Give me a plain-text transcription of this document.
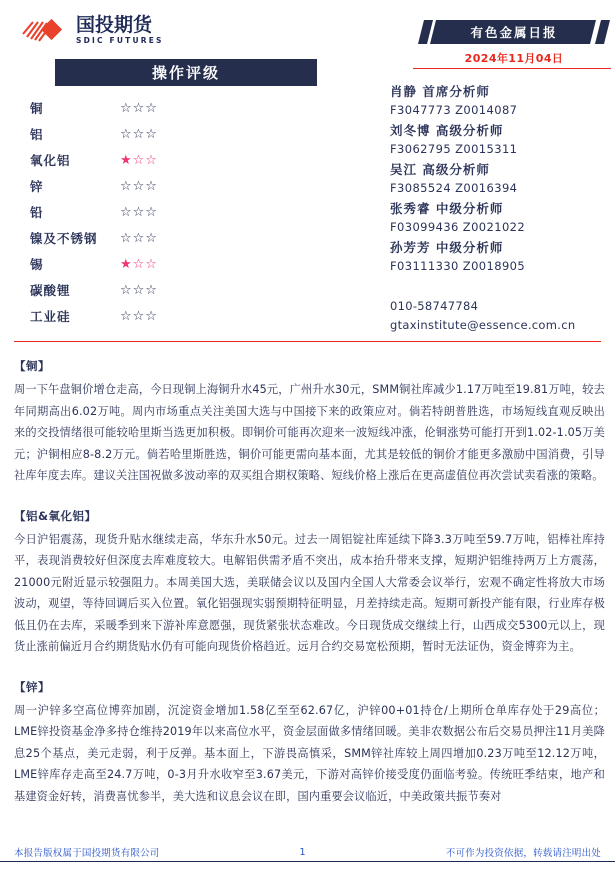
国投期货
SDIC FUTURES
操作评级
铜	☆☆☆
铝	☆☆☆
氧化铝	★☆☆
锌	☆☆☆
铅	☆☆☆
镍及不锈钢	☆☆☆
锡	★☆☆
碳酸锂	☆☆☆
工业硅	☆☆☆
有色金属日报
2024年11月04日
肖静 首席分析师
F3047773 Z0014087
刘冬博 高级分析师
F3062795 Z0015311
吴江 高级分析师
F3085524 Z0016394
张秀睿 中级分析师
F03099436 Z0021022
孙芳芳 中级分析师
F03111330 Z0018905
010-58747784
gtaxinstitute@essence.com.cn
【铜】
周一下午盘铜价增仓走高，今日现铜上海铜升水45元，广州升水30元，SMM铜社库减少1.17万吨至19.81万吨，较去年同期高出6.02万吨。周内市场重点关注美国大选与中国接下来的政策应对。倘若特朗普胜选，市场短线直观反映出来的交投情绪很可能较哈里斯当选更加积极。即铜价可能再次迎来一波短线冲涨，伦铜涨势可能打开到1.02-1.05万美元；沪铜相应8-8.2万元。倘若哈里斯胜选，铜价可能更需向基本面，尤其是较低的铜价才能更多激励中国消费，引导社库年度去库。建议关注国祝做多波动率的双买组合期权策略、短线价格上涨后在更高虚值位再次尝试卖看涨的策略。
【铝&氧化铝】
今日沪铝震荡，现货升贴水继续走高，华东升水50元。过去一周铝锭社库延续下降3.3万吨至59.7万吨，铝棒社库持平，表现消费较好但深度去库难度较大。电解铝供需矛盾不突出，成本抬升带来支撑，短期沪铝维持两万上方震荡，21000元附近显示较强阻力。本周美国大选，美联储会议以及国内全国人大常委会议举行，宏观不确定性将放大市场波动，观望，等待回调后买入位置。氧化铝强现实弱预期特征明显，月差持续走高。短期可新投产能有限，行业库存极低且仍在去库，采暖季到来下游补库意愿强，现货紧张状态难改。今日现货成交继续上行，山西成交5300元以上，现货止涨前偏近月合约期货贴水仍有可能向现货价格趋近。远月合约交易宽松预期，暂时无法证伪，资金博弈为主。
【锌】
周一沪锌多空高位博弈加剧，沉淀资金增加1.58亿至至62.67亿，沪锌00+01持仓/上期所仓单库存处于29高位；LME锌投资基金净多持仓维持2019年以来高位水平，资金层面做多情绪回暖。美非农数据公布后交易员押注11月美降息25个基点，美元走弱，利于反弹。基本面上，下游畏高慎采，SMM锌社库较上周四增加0.23万吨至12.12万吨，LME锌库存走高至24.7万吨，0-3月升水收窄至3.67美元，下游对高锌价接受度仍面临考验。传统旺季结束，地产和基建资金好转，消费喜忧参半，美大选和议息会议在即，国内重要会议临近，中美政策共振节奏对
本报告版权属于国投期货有限公司	1	不可作为投资依据，转载请注明出处
